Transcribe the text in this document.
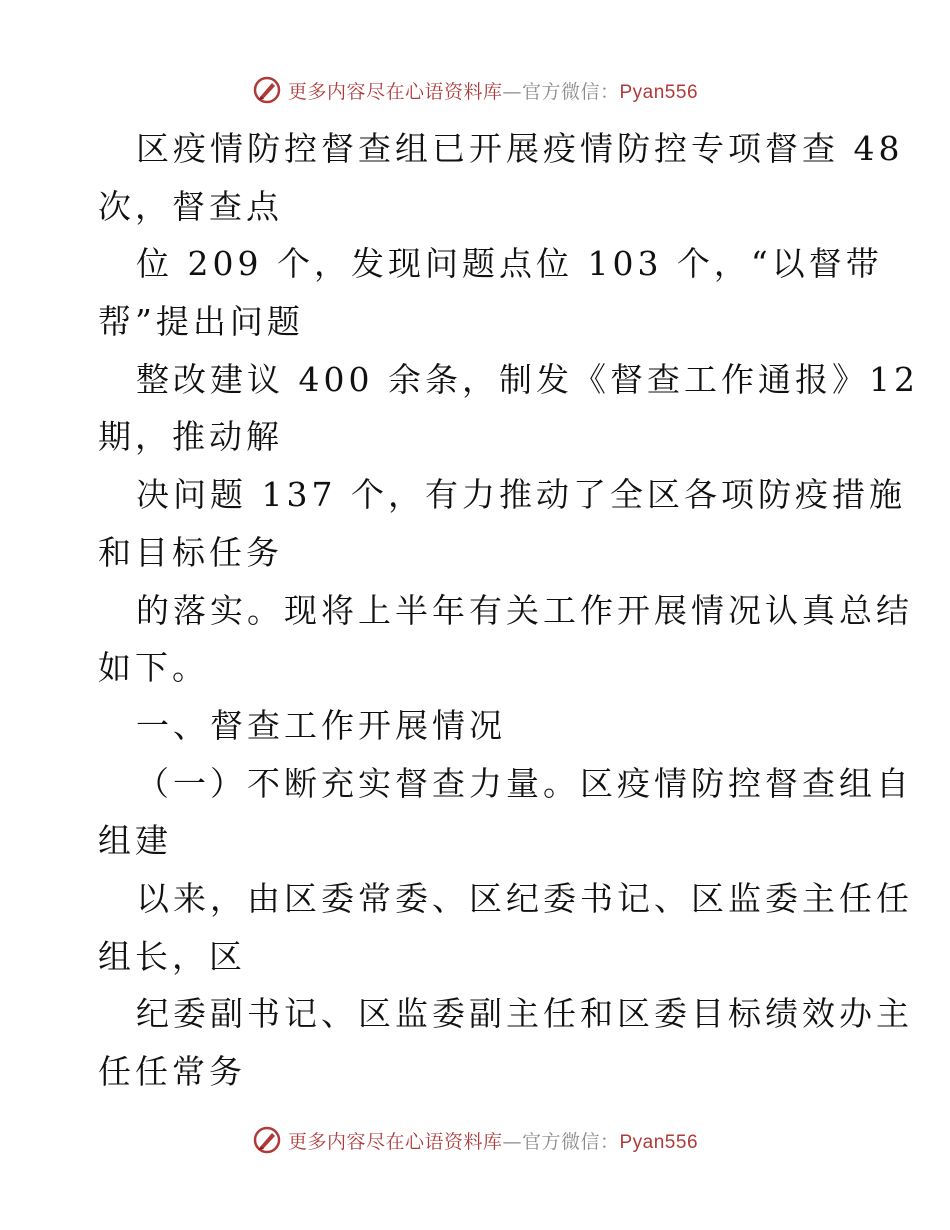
更多内容尽在心语资料库—官方微信：Pyan556
区疫情防控督查组已开展疫情防控专项督查 48
次，督查点
位 209 个，发现问题点位 103 个，“以督带
帮”提出问题
整改建议 400 余条，制发《督查工作通报》12
期，推动解
决问题 137 个，有力推动了全区各项防疫措施
和目标任务
的落实。现将上半年有关工作开展情况认真总结
如下。
一、督查工作开展情况
（一）不断充实督查力量。区疫情防控督查组自
组建
以来，由区委常委、区纪委书记、区监委主任任
组长，区
纪委副书记、区监委副主任和区委目标绩效办主
任任常务
更多内容尽在心语资料库—官方微信：Pyan556
